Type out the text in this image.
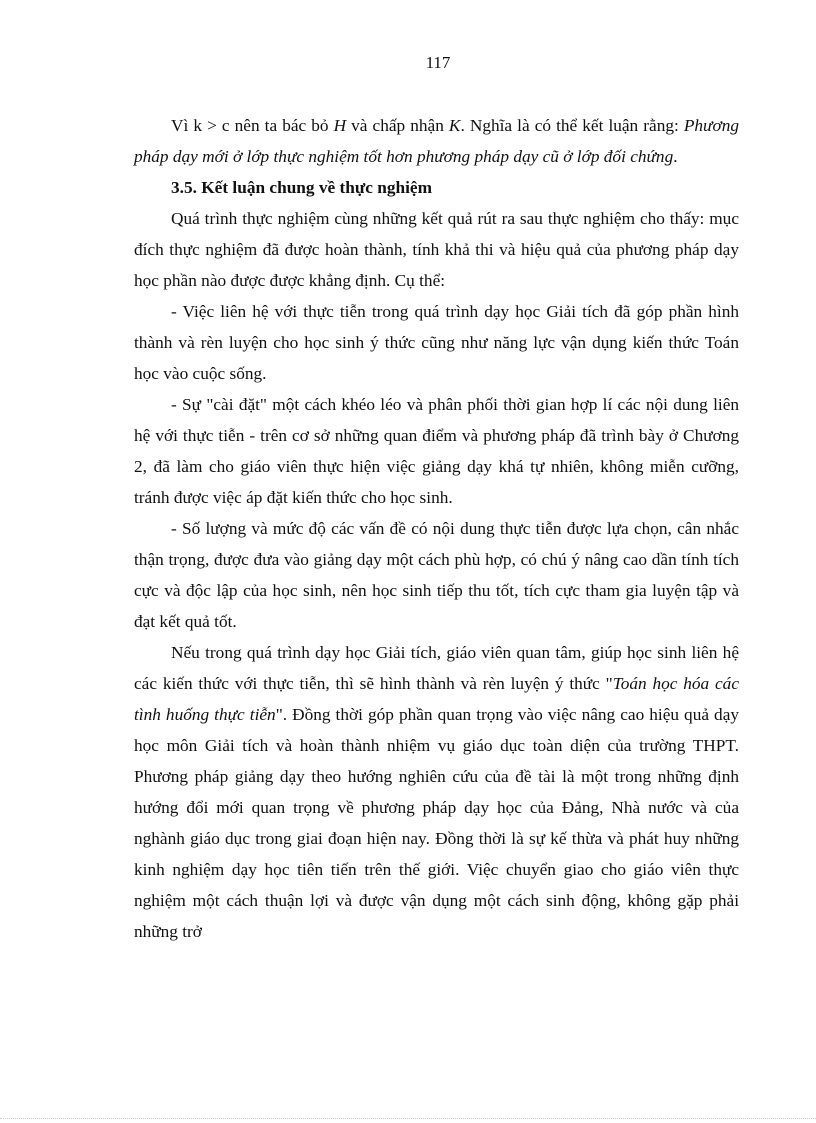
117

Vì k > c nên ta bác bỏ H và chấp nhận K. Nghĩa là có thể kết luận rằng: Phương pháp dạy mới ở lớp thực nghiệm tốt hơn phương pháp dạy cũ ở lớp đối chứng.

3.5. Kết luận chung về thực nghiệm

Quá trình thực nghiệm cùng những kết quả rút ra sau thực nghiệm cho thấy: mục đích thực nghiệm đã được hoàn thành, tính khả thi và hiệu quả của phương pháp dạy học phần nào được được khẳng định. Cụ thể:

- Việc liên hệ với thực tiễn trong quá trình dạy học Giải tích đã góp phần hình thành và rèn luyện cho học sinh ý thức cũng như năng lực vận dụng kiến thức Toán học vào cuộc sống.

- Sự "cài đặt" một cách khéo léo và phân phối thời gian hợp lí các nội dung liên hệ với thực tiễn - trên cơ sở những quan điểm và phương pháp đã trình bày ở Chương 2, đã làm cho giáo viên thực hiện việc giảng dạy khá tự nhiên, không miễn cưỡng, tránh được việc áp đặt kiến thức cho học sinh.

- Số lượng và mức độ các vấn đề có nội dung thực tiễn được lựa chọn, cân nhắc thận trọng, được đưa vào giảng dạy một cách phù hợp, có chú ý nâng cao dần tính tích cực và độc lập của học sinh, nên học sinh tiếp thu tốt, tích cực tham gia luyện tập và đạt kết quả tốt.

Nếu trong quá trình dạy học Giải tích, giáo viên quan tâm, giúp học sinh liên hệ các kiến thức với thực tiễn, thì sẽ hình thành và rèn luyện ý thức "Toán học hóa các tình huống thực tiễn". Đồng thời góp phần quan trọng vào việc nâng cao hiệu quả dạy học môn Giải tích và hoàn thành nhiệm vụ giáo dục toàn diện của trường THPT. Phương pháp giảng dạy theo hướng nghiên cứu của đề tài là một trong những định hướng đổi mới quan trọng về phương pháp dạy học của Đảng, Nhà nước và của nghành giáo dục trong giai đoạn hiện nay. Đồng thời là sự kế thừa và phát huy những kinh nghiệm dạy học tiên tiến trên thế giới. Việc chuyển giao cho giáo viên thực nghiệm một cách thuận lợi và được vận dụng một cách sinh động, không gặp phải những trở
